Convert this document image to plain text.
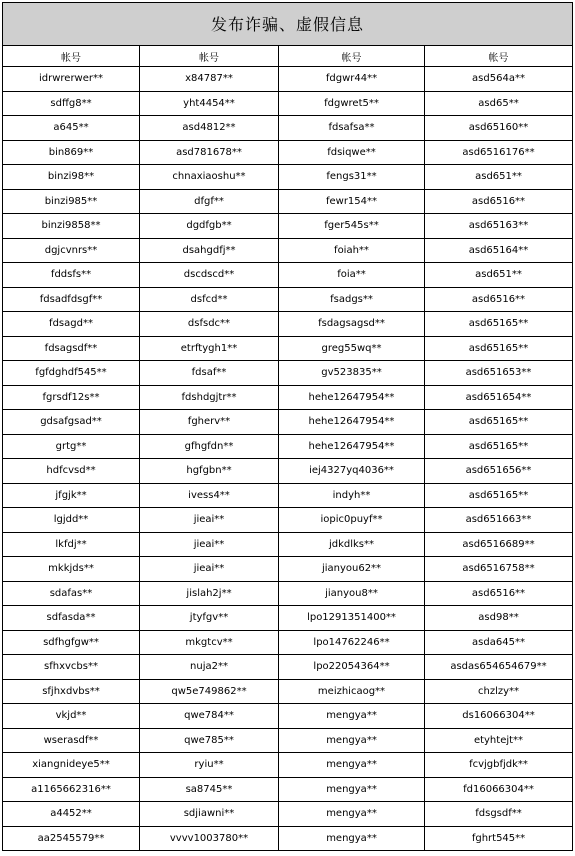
发布诈骗、虚假信息
帐号	帐号	帐号	帐号
idrwrerwer**	x84787**	fdgwr44**	asd564a**
sdffg8**	yht4454**	fdgwret5**	asd65**
a645**	asd4812**	fdsafsa**	asd65160**
bin869**	asd781678**	fdsiqwe**	asd6516176**
binzi98**	chnaxiaoshu**	fengs31**	asd651**
binzi985**	dfgf**	fewr154**	asd6516**
binzi9858**	dgdfgb**	fger545s**	asd65163**
dgjcvnrs**	dsahgdfj**	foiah**	asd65164**
fddsfs**	dscdscd**	foia**	asd651**
fdsadfdsgf**	dsfcd**	fsadgs**	asd6516**
fdsagd**	dsfsdc**	fsdagsagsd**	asd65165**
fdsagsdf**	etrftygh1**	greg55wq**	asd65165**
fgfdghdf545**	fdsaf**	gv523835**	asd651653**
fgrsdf12s**	fdshdgjtr**	hehe12647954**	asd651654**
gdsafgsad**	fgherv**	hehe12647954**	asd65165**
grtg**	gfhgfdn**	hehe12647954**	asd65165**
hdfcvsd**	hgfgbn**	iej4327yq4036**	asd651656**
jfgjk**	ivess4**	indyh**	asd65165**
lgjdd**	jieai**	iopic0puyf**	asd651663**
lkfdj**	jieai**	jdkdlks**	asd6516689**
mkkjds**	jieai**	jianyou62**	asd6516758**
sdafas**	jislah2j**	jianyou8**	asd6516**
sdfasda**	jtyfgv**	lpo1291351400**	asd98**
sdfhgfgw**	mkgtcv**	lpo14762246**	asda645**
sfhxvcbs**	nuja2**	lpo22054364**	asdas654654679**
sfjhxdvbs**	qw5e749862**	meizhicaog**	chzlzy**
vkjd**	qwe784**	mengya**	ds16066304**
wserasdf**	qwe785**	mengya**	etyhtejt**
xiangnideye5**	ryiu**	mengya**	fcvjgbfjdk**
a1165662316**	sa8745**	mengya**	fd16066304**
a4452**	sdjiawni**	mengya**	fdsgsdf**
aa2545579**	vvvv1003780**	mengya**	fghrt545**
